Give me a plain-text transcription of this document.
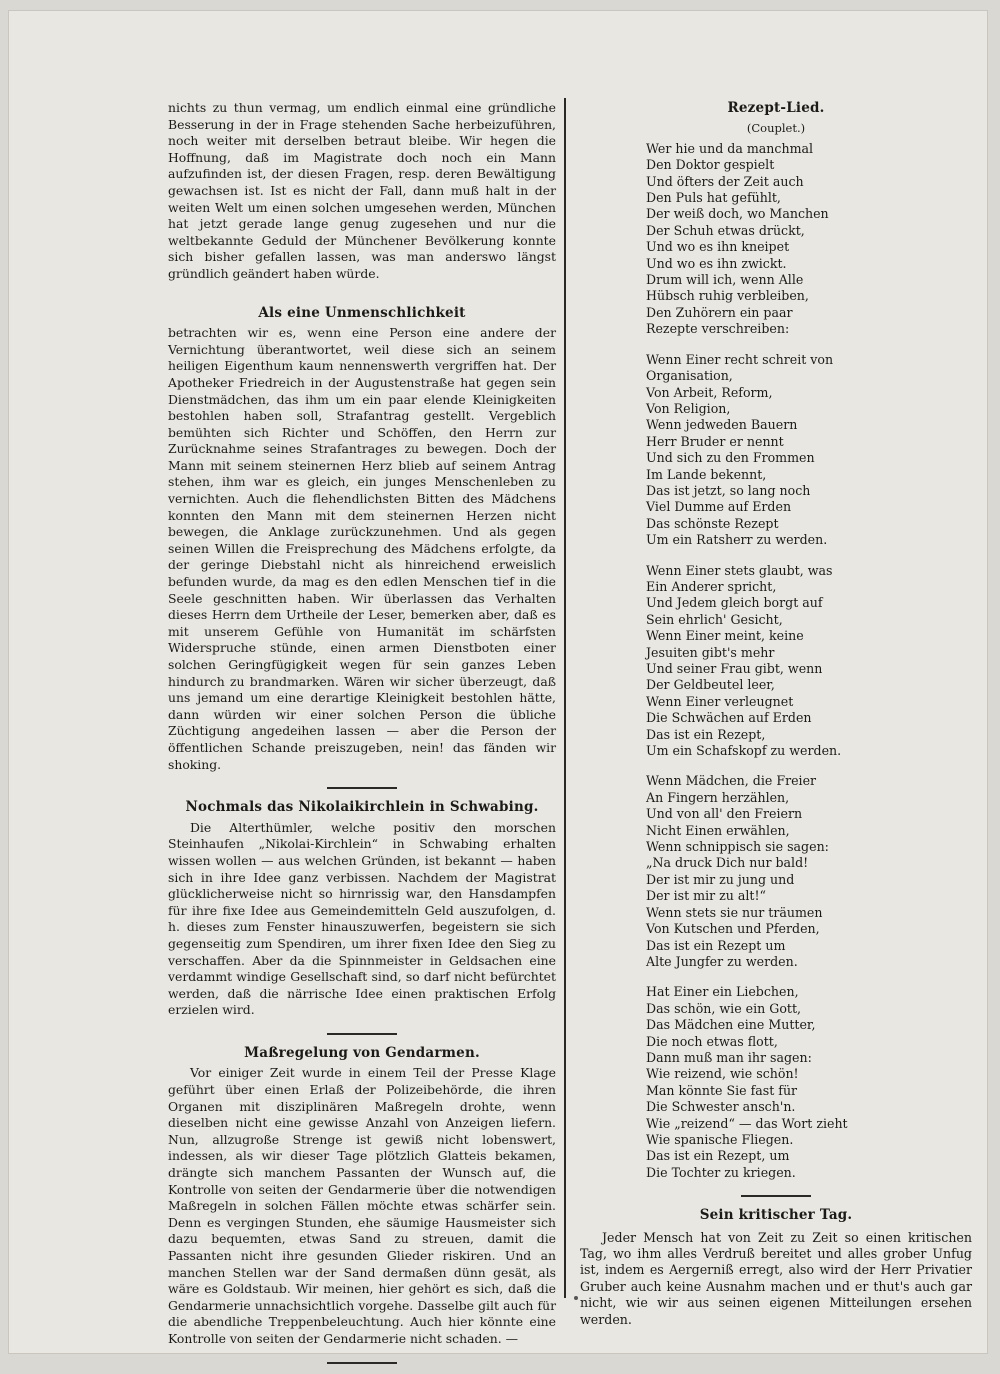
nichts zu thun vermag, um endlich einmal eine gründliche Besserung in der in Frage stehenden Sache herbeizuführen, noch weiter mit derselben betraut bleibe. Wir hegen die Hoffnung, daß im Magistrate doch noch ein Mann aufzufinden ist, der diesen Fragen, resp. deren Bewältigung gewachsen ist. Ist es nicht der Fall, dann muß halt in der weiten Welt um einen solchen umgesehen werden, München hat jetzt gerade lange genug zugesehen und nur die weltbekannte Geduld der Münchener Bevölkerung konnte sich bisher gefallen lassen, was man anderswo längst gründlich geändert haben würde.

Als eine Unmenschlichkeit

betrachten wir es, wenn eine Person eine andere der Vernichtung überantwortet, weil diese sich an seinem heiligen Eigenthum kaum nennenswerth vergriffen hat. Der Apotheker Friedreich in der Augustenstraße hat gegen sein Dienstmädchen, das ihm um ein paar elende Kleinigkeiten bestohlen haben soll, Strafantrag gestellt. Vergeblich bemühten sich Richter und Schöffen, den Herrn zur Zurücknahme seines Strafantrages zu bewegen. Doch der Mann mit seinem steinernen Herz blieb auf seinem Antrag stehen, ihm war es gleich, ein junges Menschenleben zu vernichten. Auch die flehendlichsten Bitten des Mädchens konnten den Mann mit dem steinernen Herzen nicht bewegen, die Anklage zurückzunehmen. Und als gegen seinen Willen die Freisprechung des Mädchens erfolgte, da der geringe Diebstahl nicht als hinreichend erweislich befunden wurde, da mag es den edlen Menschen tief in die Seele geschnitten haben. Wir überlassen das Verhalten dieses Herrn dem Urtheile der Leser, bemerken aber, daß es mit unserem Gefühle von Humanität im schärfsten Widerspruche stünde, einen armen Dienstboten einer solchen Geringfügigkeit wegen für sein ganzes Leben hindurch zu brandmarken. Wären wir sicher überzeugt, daß uns jemand um eine derartige Kleinigkeit bestohlen hätte, dann würden wir einer solchen Person die übliche Züchtigung angedeihen lassen — aber die Person der öffentlichen Schande preiszugeben, nein! das fänden wir shoking.

Nochmals das Nikolaikirchlein in Schwabing.

Die Alterthümler, welche positiv den morschen Steinhaufen „Nikolai-Kirchlein“ in Schwabing erhalten wissen wollen — aus welchen Gründen, ist bekannt — haben sich in ihre Idee ganz verbissen. Nachdem der Magistrat glücklicherweise nicht so hirnrissig war, den Hansdampfen für ihre fixe Idee aus Gemeindemitteln Geld auszufolgen, d. h. dieses zum Fenster hinauszuwerfen, begeistern sie sich gegenseitig zum Spendiren, um ihrer fixen Idee den Sieg zu verschaffen. Aber da die Spinnmeister in Geldsachen eine verdammt windige Gesellschaft sind, so darf nicht befürchtet werden, daß die närrische Idee einen praktischen Erfolg erzielen wird.

Maßregelung von Gendarmen.

Vor einiger Zeit wurde in einem Teil der Presse Klage geführt über einen Erlaß der Polizeibehörde, die ihren Organen mit disziplinären Maßregeln drohte, wenn dieselben nicht eine gewisse Anzahl von Anzeigen liefern. Nun, allzugroße Strenge ist gewiß nicht lobenswert, indessen, als wir dieser Tage plötzlich Glatteis bekamen, drängte sich manchem Passanten der Wunsch auf, die Kontrolle von seiten der Gendarmerie über die notwendigen Maßregeln in solchen Fällen möchte etwas schärfer sein. Denn es vergingen Stunden, ehe säumige Hausmeister sich dazu bequemten, etwas Sand zu streuen, damit die Passanten nicht ihre gesunden Glieder riskiren. Und an manchen Stellen war der Sand dermaßen dünn gesät, als wäre es Goldstaub. Wir meinen, hier gehört es sich, daß die Gendarmerie unnachsichtlich vorgehe. Dasselbe gilt auch für die abendliche Treppenbeleuchtung. Auch hier könnte eine Kontrolle von seiten der Gendarmerie nicht schaden. —

Rezept-Lied.
(Couplet.)

Wer hie und da manchmal

Den Doktor gespielt

Und öfters der Zeit auch

Den Puls hat gefühlt,

Der weiß doch, wo Manchen

Der Schuh etwas drückt,

Und wo es ihn kneipet

Und wo es ihn zwickt.

Drum will ich, wenn Alle

Hübsch ruhig verbleiben,

Den Zuhörern ein paar

Rezepte verschreiben:

Wenn Einer recht schreit von

Organisation,

Von Arbeit, Reform,

Von Religion,

Wenn jedweden Bauern

Herr Bruder er nennt

Und sich zu den Frommen

Im Lande bekennt,

Das ist jetzt, so lang noch

Viel Dumme auf Erden

Das schönste Rezept

Um ein Ratsherr zu werden.

Wenn Einer stets glaubt, was

Ein Anderer spricht,

Und Jedem gleich borgt auf

Sein ehrlich' Gesicht,

Wenn Einer meint, keine

Jesuiten gibt's mehr

Und seiner Frau gibt, wenn

Der Geldbeutel leer,

Wenn Einer verleugnet

Die Schwächen auf Erden

Das ist ein Rezept,

Um ein Schafskopf zu werden.

Wenn Mädchen, die Freier

An Fingern herzählen,

Und von all' den Freiern

Nicht Einen erwählen,

Wenn schnippisch sie sagen:

„Na druck Dich nur bald!

Der ist mir zu jung und

Der ist mir zu alt!“

Wenn stets sie nur träumen

Von Kutschen und Pferden,

Das ist ein Rezept um

Alte Jungfer zu werden.

Hat Einer ein Liebchen,

Das schön, wie ein Gott,

Das Mädchen eine Mutter,

Die noch etwas flott,

Dann muß man ihr sagen:

Wie reizend, wie schön!

Man könnte Sie fast für

Die Schwester ansch'n.

Wie „reizend“ — das Wort zieht

Wie spanische Fliegen.

Das ist ein Rezept, um

Die Tochter zu kriegen.

Sein kritischer Tag.

Jeder Mensch hat von Zeit zu Zeit so einen kritischen Tag, wo ihm alles Verdruß bereitet und alles grober Unfug ist, indem es Aergerniß erregt, also wird der Herr Privatier Gruber auch keine Ausnahm machen und er thut's auch gar nicht, wie wir aus seinen eigenen Mitteilungen ersehen werden.
